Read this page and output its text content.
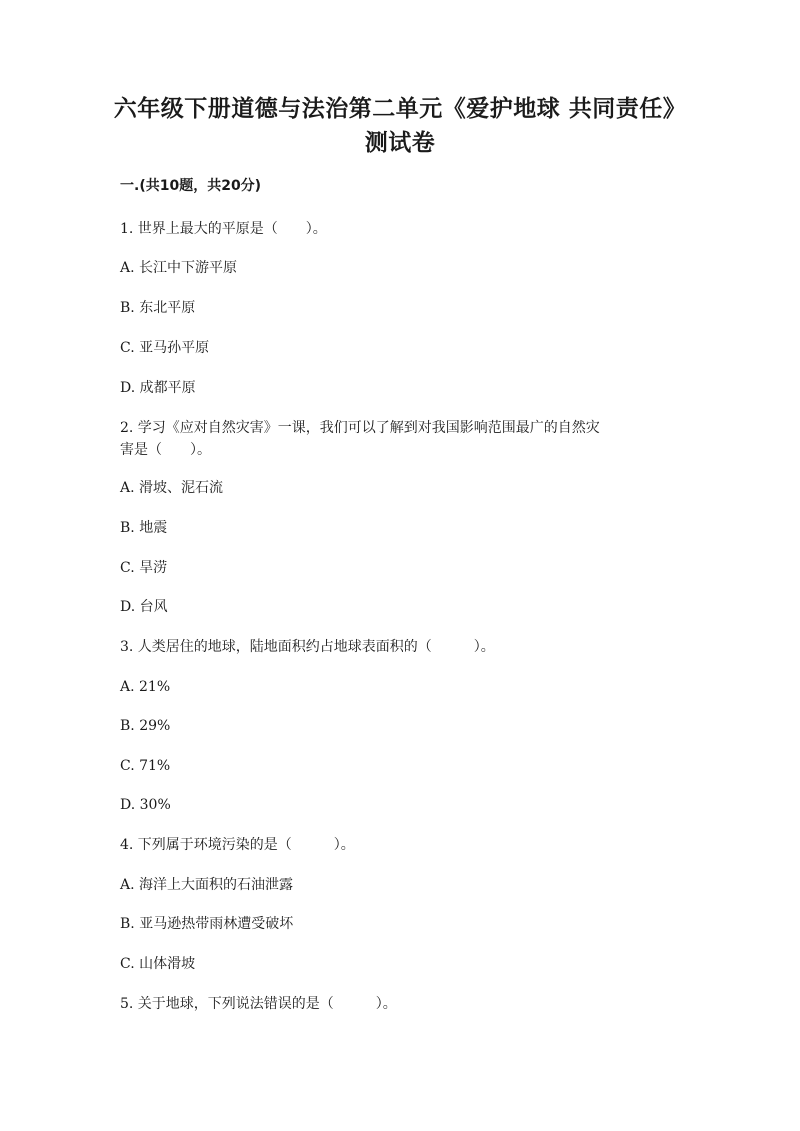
六年级下册道德与法治第二单元《爱护地球 共同责任》测试卷
一.(共10题，共20分)
1. 世界上最大的平原是（　　）。
A. 长江中下游平原
B. 东北平原
C. 亚马孙平原
D. 成都平原
2. 学习《应对自然灾害》一课，我们可以了解到对我国影响范围最广的自然灾
害是（　　）。
A. 滑坡、泥石流
B. 地震
C. 旱涝
D. 台风
3. 人类居住的地球，陆地面积约占地球表面积的（　　　）。
A. 21%
B. 29%
C. 71%
D. 30%
4. 下列属于环境污染的是（　　　）。
A. 海洋上大面积的石油泄露
B. 亚马逊热带雨林遭受破坏
C. 山体滑坡
5. 关于地球，下列说法错误的是（　　　）。
